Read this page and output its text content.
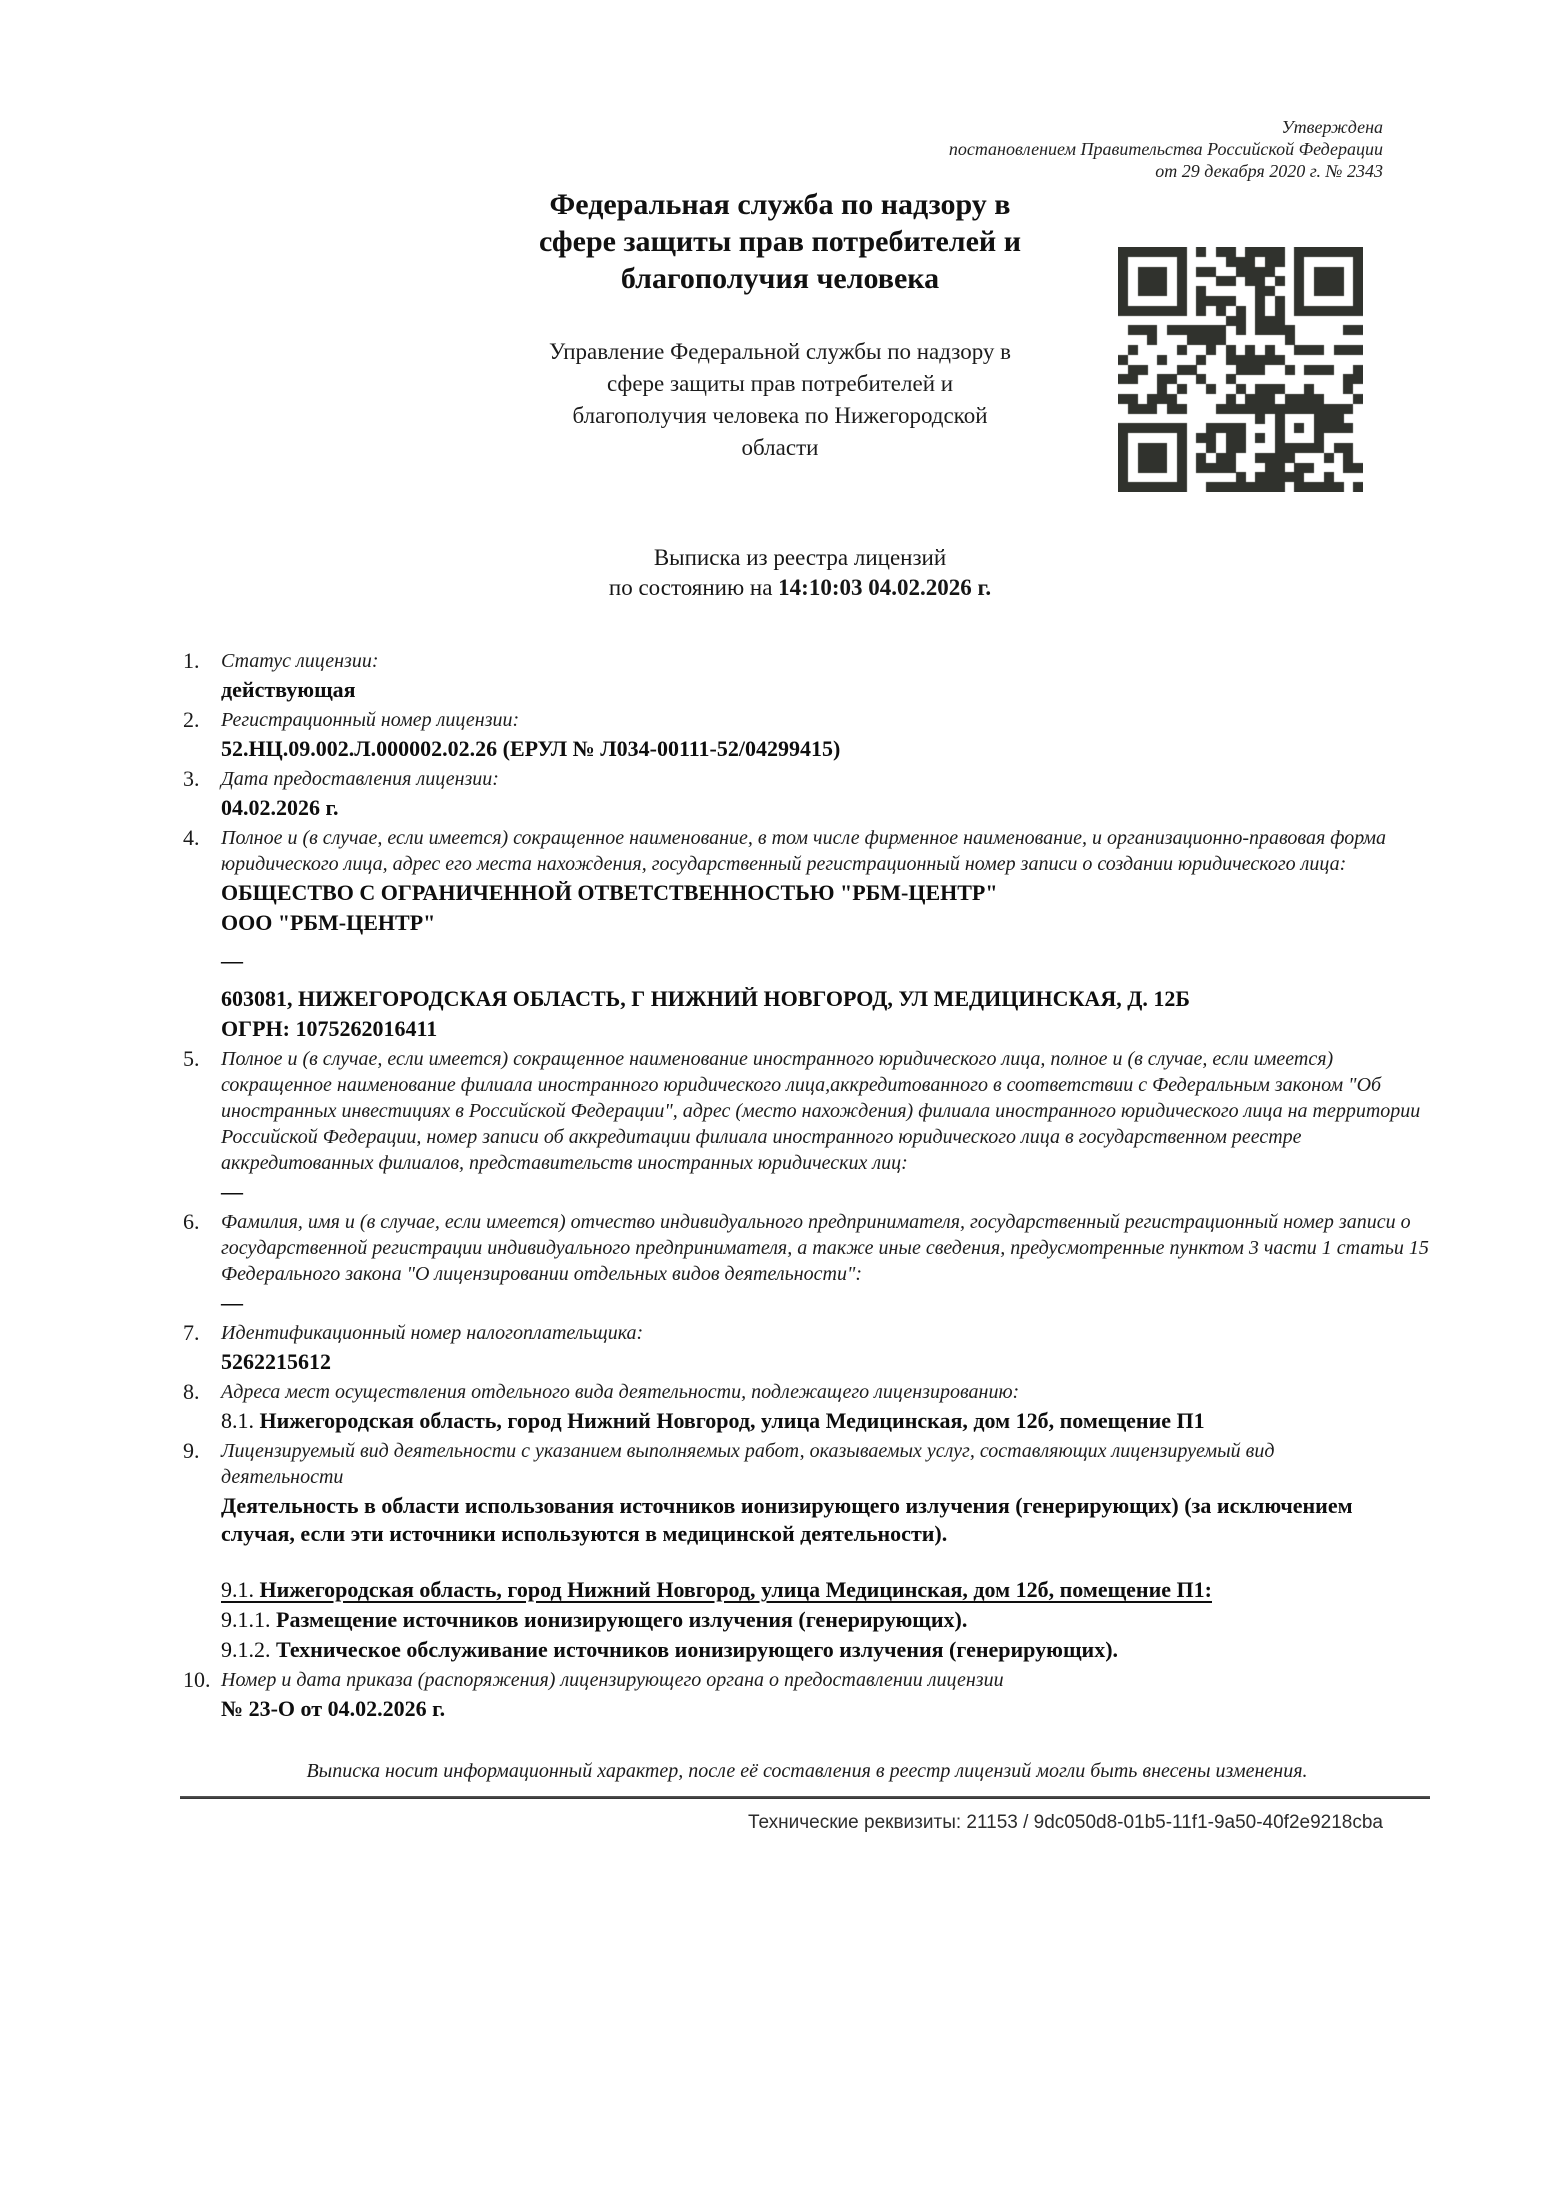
Утверждена
постановлением Правительства Российской Федерации
от 29 декабря 2020 г. № 2343
Федеральная служба по надзору в
сфере защиты прав потребителей и
благополучия человека
Управление Федеральной службы по надзору в
сфере защиты прав потребителей и
благополучия человека по Нижегородской
области
Выписка из реестра лицензий
по состоянию на 14:10:03 04.02.2026 г.
1.	Статус лицензии:
действующая
2.	Регистрационный номер лицензии:
52.НЦ.09.002.Л.000002.02.26 (ЕРУЛ № Л034-00111-52/04299415)
3.	Дата предоставления лицензии:
04.02.2026 г.
4.	Полное и (в случае, если имеется) сокращенное наименование, в том числе фирменное наименование, и организационно-правовая форма юридического лица, адрес его места нахождения, государственный регистрационный номер записи о создании юридического лица:
ОБЩЕСТВО С ОГРАНИЧЕННОЙ ОТВЕТСТВЕННОСТЬЮ "РБМ-ЦЕНТР"
ООО "РБМ-ЦЕНТР"
—
603081, НИЖЕГОРОДСКАЯ ОБЛАСТЬ, Г НИЖНИЙ НОВГОРОД, УЛ МЕДИЦИНСКАЯ, Д. 12Б
ОГРН: 1075262016411
5.	Полное и (в случае, если имеется) сокращенное наименование иностранного юридического лица, полное и (в случае, если имеется) сокращенное наименование филиала иностранного юридического лица,аккредитованного в соответствии с Федеральным законом "Об иностранных инвестициях в Российской Федерации", адрес (место нахождения) филиала иностранного юридического лица на территории Российской Федерации, номер записи об аккредитации филиала иностранного юридического лица в государственном реестре аккредитованных филиалов, представительств иностранных юридических лиц:
—
6.	Фамилия, имя и (в случае, если имеется) отчество индивидуального предпринимателя, государственный регистрационный номер записи о государственной регистрации индивидуального предпринимателя, а также иные сведения, предусмотренные пунктом 3 части 1 статьи 15 Федерального закона "О лицензировании отдельных видов деятельности":
—
7.	Идентификационный номер налогоплательщика:
5262215612
8.	Адреса мест осуществления отдельного вида деятельности, подлежащего лицензированию:
8.1. Нижегородская область, город Нижний Новгород, улица Медицинская, дом 12б, помещение П1
9.	Лицензируемый вид деятельности с указанием выполняемых работ, оказываемых услуг, составляющих лицензируемый вид деятельности
Деятельность в области использования источников ионизирующего излучения (генерирующих) (за исключением случая, если эти источники используются в медицинской деятельности).
9.1. Нижегородская область, город Нижний Новгород, улица Медицинская, дом 12б, помещение П1:
9.1.1. Размещение источников ионизирующего излучения (генерирующих).
9.1.2. Техническое обслуживание источников ионизирующего излучения (генерирующих).
10. Номер и дата приказа (распоряжения) лицензирующего органа о предоставлении лицензии
№ 23-О от 04.02.2026 г.
Выписка носит информационный характер, после её составления в реестр лицензий могли быть внесены изменения.
Технические реквизиты: 21153 / 9dc050d8-01b5-11f1-9a50-40f2e9218cba
